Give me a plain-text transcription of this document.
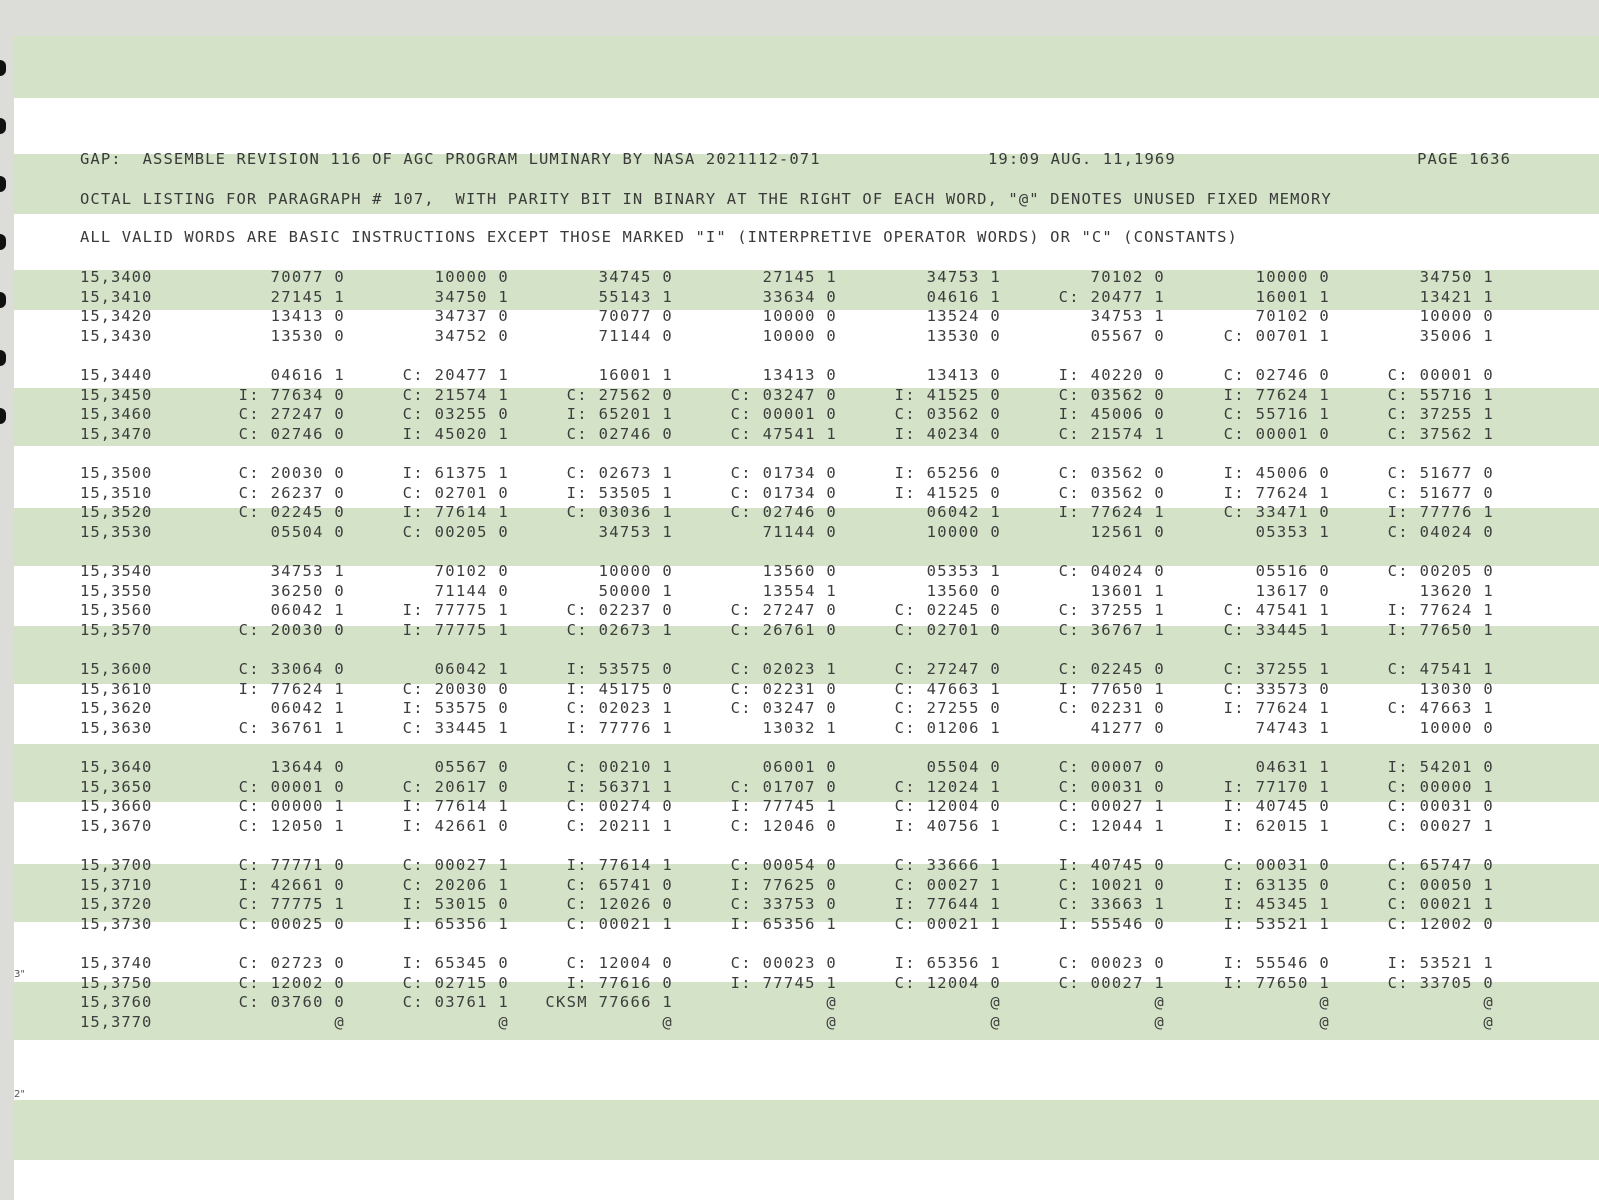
GAP:  ASSEMBLE REVISION 116 OF AGC PROGRAM LUMINARY BY NASA 2021112-071	19:09 AUG. 11,1969	PAGE 1636
OCTAL LISTING FOR PARAGRAPH # 107,  WITH PARITY BIT IN BINARY AT THE RIGHT OF EACH WORD, "@" DENOTES UNUSED FIXED MEMORY
ALL VALID WORDS ARE BASIC INSTRUCTIONS EXCEPT THOSE MARKED "I" (INTERPRETIVE OPERATOR WORDS) OR "C" (CONSTANTS)
15,3400	70077 0	10000 0	34745 0	27145 1	34753 1	70102 0	10000 0	34750 1
15,3410	27145 1	34750 1	55143 1	33634 0	04616 1	C: 20477 1	16001 1	13421 1
15,3420	13413 0	34737 0	70077 0	10000 0	13524 0	34753 1	70102 0	10000 0
15,3430	13530 0	34752 0	71144 0	10000 0	13530 0	05567 0	C: 00701 1	35006 1
15,3440	04616 1	C: 20477 1	16001 1	13413 0	13413 0	I: 40220 0	C: 02746 0	C: 00001 0
15,3450	I: 77634 0	C: 21574 1	C: 27562 0	C: 03247 0	I: 41525 0	C: 03562 0	I: 77624 1	C: 55716 1
15,3460	C: 27247 0	C: 03255 0	I: 65201 1	C: 00001 0	C: 03562 0	I: 45006 0	C: 55716 1	C: 37255 1
15,3470	C: 02746 0	I: 45020 1	C: 02746 0	C: 47541 1	I: 40234 0	C: 21574 1	C: 00001 0	C: 37562 1
15,3500	C: 20030 0	I: 61375 1	C: 02673 1	C: 01734 0	I: 65256 0	C: 03562 0	I: 45006 0	C: 51677 0
15,3510	C: 26237 0	C: 02701 0	I: 53505 1	C: 01734 0	I: 41525 0	C: 03562 0	I: 77624 1	C: 51677 0
15,3520	C: 02245 0	I: 77614 1	C: 03036 1	C: 02746 0	06042 1	I: 77624 1	C: 33471 0	I: 77776 1
15,3530	05504 0	C: 00205 0	34753 1	71144 0	10000 0	12561 0	05353 1	C: 04024 0
15,3540	34753 1	70102 0	10000 0	13560 0	05353 1	C: 04024 0	05516 0	C: 00205 0
15,3550	36250 0	71144 0	50000 1	13554 1	13560 0	13601 1	13617 0	13620 1
15,3560	06042 1	I: 77775 1	C: 02237 0	C: 27247 0	C: 02245 0	C: 37255 1	C: 47541 1	I: 77624 1
15,3570	C: 20030 0	I: 77775 1	C: 02673 1	C: 26761 0	C: 02701 0	C: 36767 1	C: 33445 1	I: 77650 1
15,3600	C: 33064 0	06042 1	I: 53575 0	C: 02023 1	C: 27247 0	C: 02245 0	C: 37255 1	C: 47541 1
15,3610	I: 77624 1	C: 20030 0	I: 45175 0	C: 02231 0	C: 47663 1	I: 77650 1	C: 33573 0	13030 0
15,3620	06042 1	I: 53575 0	C: 02023 1	C: 03247 0	C: 27255 0	C: 02231 0	I: 77624 1	C: 47663 1
15,3630	C: 36761 1	C: 33445 1	I: 77776 1	13032 1	C: 01206 1	41277 0	74743 1	10000 0
15,3640	13644 0	05567 0	C: 00210 1	06001 0	05504 0	C: 00007 0	04631 1	I: 54201 0
15,3650	C: 00001 0	C: 20617 0	I: 56371 1	C: 01707 0	C: 12024 1	C: 00031 0	I: 77170 1	C: 00000 1
15,3660	C: 00000 1	I: 77614 1	C: 00274 0	I: 77745 1	C: 12004 0	C: 00027 1	I: 40745 0	C: 00031 0
15,3670	C: 12050 1	I: 42661 0	C: 20211 1	C: 12046 0	I: 40756 1	C: 12044 1	I: 62015 1	C: 00027 1
15,3700	C: 77771 0	C: 00027 1	I: 77614 1	C: 00054 0	C: 33666 1	I: 40745 0	C: 00031 0	C: 65747 0
15,3710	I: 42661 0	C: 20206 1	C: 65741 0	I: 77625 0	C: 00027 1	C: 10021 0	I: 63135 0	C: 00050 1
15,3720	C: 77775 1	I: 53015 0	C: 12026 0	C: 33753 0	I: 77644 1	C: 33663 1	I: 45345 1	C: 00021 1
15,3730	C: 00025 0	I: 65356 1	C: 00021 1	I: 65356 1	C: 00021 1	I: 55546 0	I: 53521 1	C: 12002 0
15,3740	C: 02723 0	I: 65345 0	C: 12004 0	C: 00023 0	I: 65356 1	C: 00023 0	I: 55546 0	I: 53521 1
15,3750	C: 12002 0	C: 02715 0	I: 77616 0	I: 77745 1	C: 12004 0	C: 00027 1	I: 77650 1	C: 33705 0
15,3760	C: 03760 0	C: 03761 1	CKSM 77666 1	@	@	@	@	@
15,3770	@	@	@	@	@	@	@	@
3"
2"
